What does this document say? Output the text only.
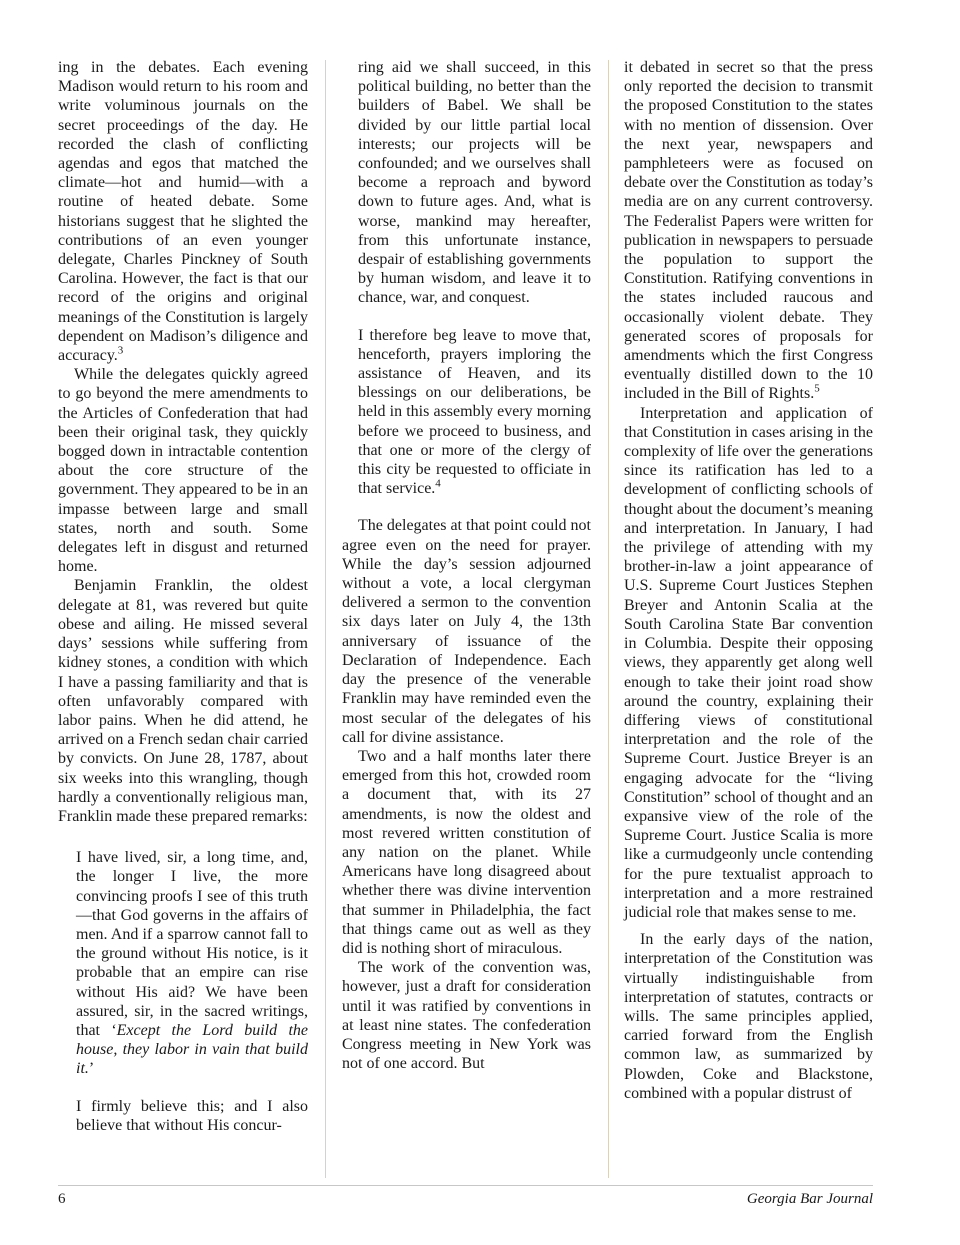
ing in the debates. Each evening Madison would return to his room and write voluminous journals on the secret proceedings of the day. He recorded the clash of conflicting agendas and egos that matched the climate—hot and humid—with a routine of heated debate. Some historians suggest that he slighted the contributions of an even younger delegate, Charles Pinckney of South Carolina. However, the fact is that our record of the origins and original meanings of the Constitution is largely dependent on Madison’s diligence and accuracy.$^3$

While the delegates quickly agreed to go beyond the mere amendments to the Articles of Confederation that had been their original task, they quickly bogged down in intractable contention about the core structure of the government. They appeared to be in an impasse between large and small states, north and south. Some delegates left in disgust and returned home.

Benjamin Franklin, the oldest delegate at 81, was revered but quite obese and ailing. He missed several days’ sessions while suffering from kidney stones, a condition with which I have a passing familiarity and that is often unfavorably compared with labor pains. When he did attend, he arrived on a French sedan chair carried by convicts. On June 28, 1787, about six weeks into this wrangling, though hardly a conventionally religious man, Franklin made these prepared remarks:

I have lived, sir, a long time, and, the longer I live, the more convincing proofs I see of this truth—that God governs in the affairs of men. And if a sparrow cannot fall to the ground without His notice, is it probable that an empire can rise without His aid? We have been assured, sir, in the sacred writings, that ‘Except the Lord build the house, they labor in vain that build it.’

I firmly believe this; and I also believe that without His concur-

ring aid we shall succeed, in this political building, no better than the builders of Babel. We shall be divided by our little partial local interests; our projects will be confounded; and we ourselves shall become a reproach and byword down to future ages. And, what is worse, mankind may hereafter, from this unfortunate instance, despair of establishing governments by human wisdom, and leave it to chance, war, and conquest.

I therefore beg leave to move that, henceforth, prayers imploring the assistance of Heaven, and its blessings on our deliberations, be held in this assembly every morning before we proceed to business, and that one or more of the clergy of this city be requested to officiate in that service.$^4$

The delegates at that point could not agree even on the need for prayer. While the day’s session adjourned without a vote, a local clergyman delivered a sermon to the convention six days later on July 4, the 13th anniversary of issuance of the Declaration of Independence. Each day the presence of the venerable Franklin may have reminded even the most secular of the delegates of his call for divine assistance.

Two and a half months later there emerged from this hot, crowded room a document that, with its 27 amendments, is now the oldest and most revered written constitution of any nation on the planet. While Americans have long disagreed about whether there was divine intervention that summer in Philadelphia, the fact that things came out as well as they did is nothing short of miraculous.

The work of the convention was, however, just a draft for consideration until it was ratified by conventions in at least nine states. The confederation Congress meeting in New York was not of one accord. But

it debated in secret so that the press only reported the decision to transmit the proposed Constitution to the states with no mention of dissension. Over the next year, newspapers and pamphleteers were as focused on debate over the Constitution as today’s media are on any current controversy. The Federalist Papers were written for publication in newspapers to persuade the population to support the Constitution. Ratifying conventions in the states included raucous and occasionally violent debate. They generated scores of proposals for amendments which the first Congress eventually distilled down to the 10 included in the Bill of Rights.$^5$

Interpretation and application of that Constitution in cases arising in the complexity of life over the generations since its ratification has led to a development of conflicting schools of thought about the document’s meaning and interpretation. In January, I had the privilege of attending with my brother-in-law a joint appearance of U.S. Supreme Court Justices Stephen Breyer and Antonin Scalia at the South Carolina State Bar convention in Columbia. Despite their opposing views, they apparently get along well enough to take their joint road show around the country, explaining their differing views of constitutional interpretation and the role of the Supreme Court. Justice Breyer is an engaging advocate for the “living Constitution” school of thought and an expansive view of the role of the Supreme Court. Justice Scalia is more like a curmudgeonly uncle contending for the pure textualist approach to interpretation and a more restrained judicial role that makes sense to me.

In the early days of the nation, interpretation of the Constitution was virtually indistinguishable from interpretation of statutes, contracts or wills. The same principles applied, carried forward from the English common law, as summarized by Plowden, Coke and Blackstone, combined with a popular distrust of

6	Georgia Bar Journal
